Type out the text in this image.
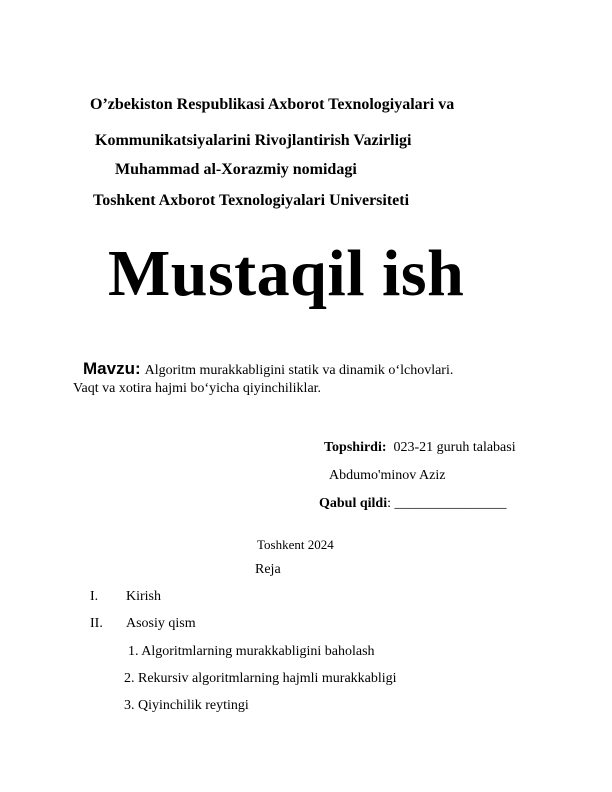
O’zbekiston Respublikasi Axborot Texnologiyalari va
Kommunikatsiyalarini Rivojlantirish Vazirligi
Muhammad al-Xorazmiy nomidagi
Toshkent Axborot Texnologiyalari Universiteti
Mustaqil ish
Mavzu: Algoritm murakkabligini statik va dinamik o‘lchovlari.
Vaqt va xotira hajmi bo‘yicha qiyinchiliklar.
Topshirdi: 023-21 guruh talabasi
Abdumo'minov Aziz
Qabul qildi: ________________
Toshkent 2024
Reja
I. Kirish
II. Asosiy qism
1. Algoritmlarning murakkabligini baholash
2. Rekursiv algoritmlarning hajmli murakkabligi
3. Qiyinchilik reytingi
